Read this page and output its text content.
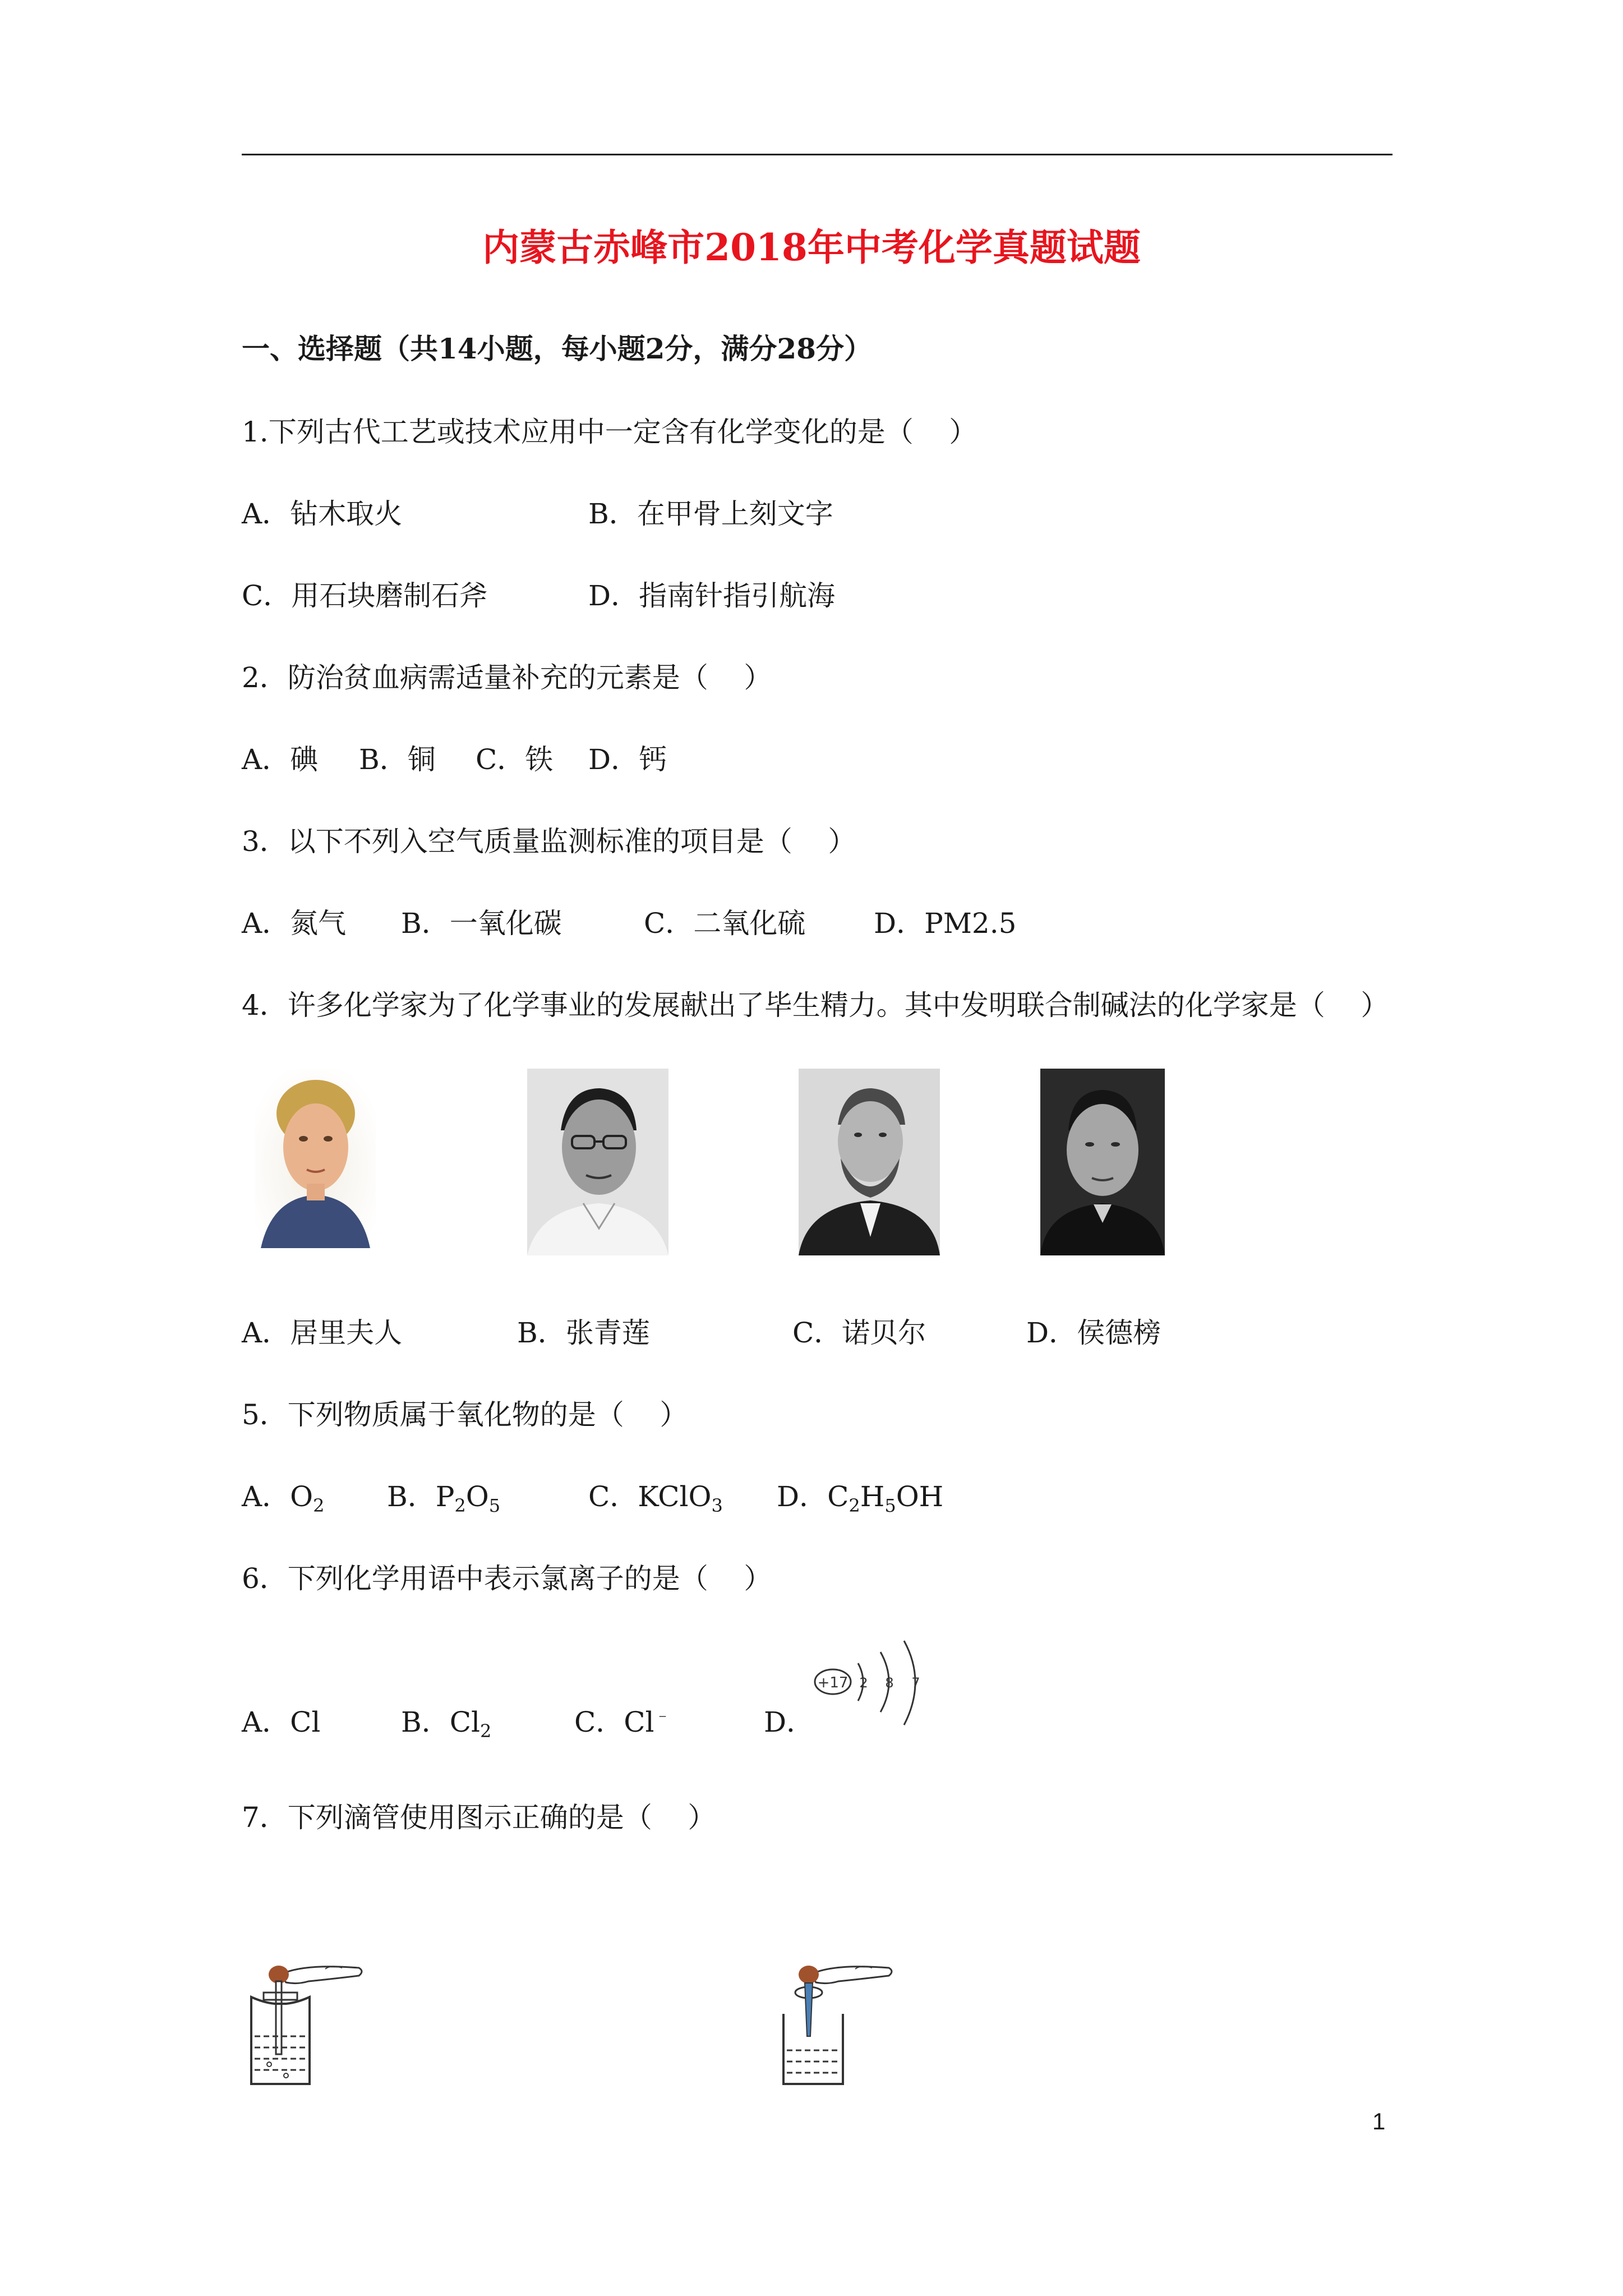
内蒙古赤峰市2018年中考化学真题试题
一、选择题（共14小题，每小题2分，满分28分）
1.下列古代工艺或技术应用中一定含有化学变化的是（    ）
A．钻木取火	B．在甲骨上刻文字
C．用石块磨制石斧	D．指南针指引航海
2．防治贫血病需适量补充的元素是（    ）
A．碘 B．铜 C．铁 D．钙
3．以下不列入空气质量监测标准的项目是（    ）
A．氮气 B．一氧化碳	C．二氧化硫 D．PM2.5
4．许多化学家为了化学事业的发展献出了毕生精力。其中发明联合制碱法的化学家是（    ）
A．居里夫人	B．张青莲	C．诺贝尔	D．侯德榜
5．下列物质属于氧化物的是（    ）
A．$O_2$ B．$P_2O_5$	C．KClO$_3$ D．$C_2H_5OH$
6．下列化学用语中表示氯离子的是（    ）
A．Cl	B．$Cl_2$	C．Cl﹣	D．
+17 2 8 7
7．下列滴管使用图示正确的是（    ）
1
